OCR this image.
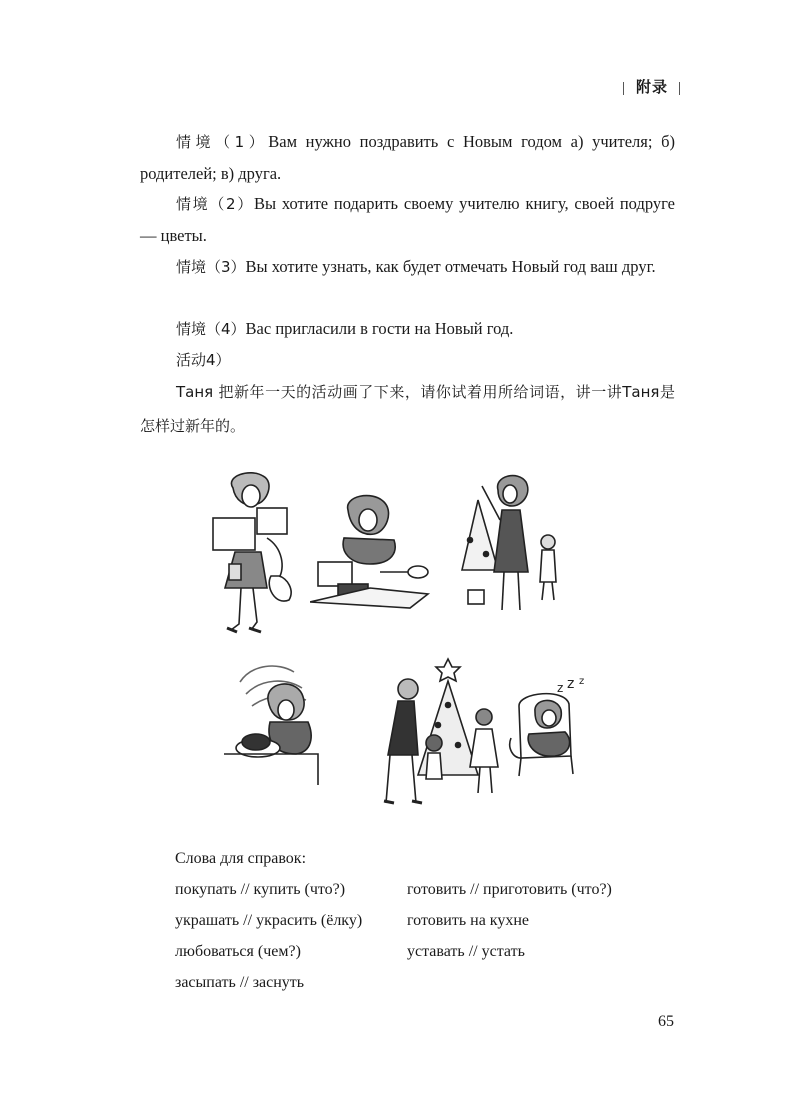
| 附录 |
情境（1）Вам нужно поздравить с Новым годом а) учителя; б) родителей; в) друга.
情境（2）Вы хотите подарить своему учителю книгу, своей подруге — цветы.
情境（3）Вы хотите узнать, как будет отмечать Новый год ваш друг.
情境（4）Вас пригласили в гости на Новый год.
活动4）
Таня 把新年一天的活动画了下来，请你试着用所给词语，讲一讲Таня是怎样过新年的。
z z z
Слова для справок:
покупать // купить (что?)	готовить // приготовить (что?)
украшать // украсить (ёлку)	готовить на кухне
любоваться (чем?)	уставать // устать
засыпать // заснуть
65
